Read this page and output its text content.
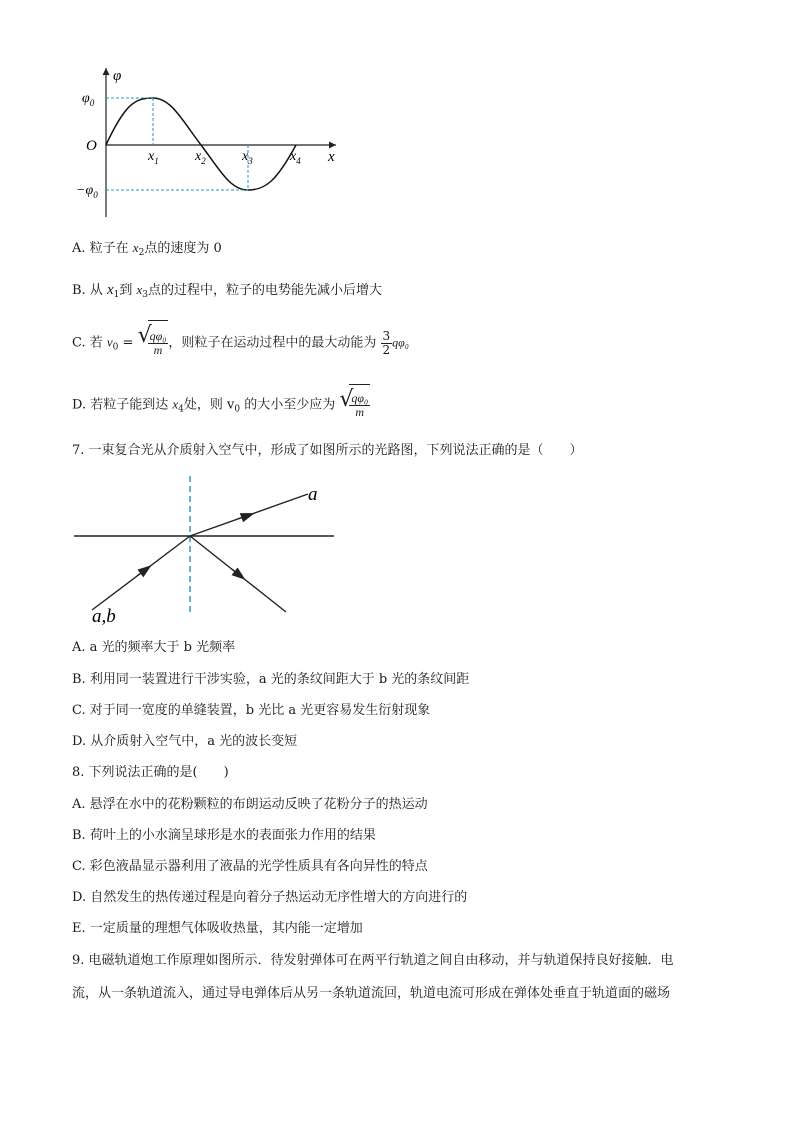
φ
x
O
$\varphi_0$
$-\varphi_0$
$x_1$	$x_2$	$x_3$	$x_4$
A. 粒子在 $x_2$点的速度为 0
B. 从 $x_1$到 $x_3$点的过程中，粒子的电势能先减小后增大
C. 若 $v_0$ = √
$\frac{\text{qφ₀}}{m}$ ，则粒子在运动过程中的最大动能为 $\frac{3}{2} q\varphi_0$
D. 若粒子能到达 $x_4$处，则 $v_0$ 的大小至少应为 √
$\frac{\text{qφ₀}}{m}$
7. 一束复合光从介质射入空气中，形成了如图所示的光路图，下列说法正确的是（　　）
a
a,b
A. a 光的频率大于 b 光频率
B. 利用同一装置进行干涉实验，a 光的条纹间距大于 b 光的条纹间距
C. 对于同一宽度的单缝装置，b 光比 a 光更容易发生衍射现象
D. 从介质射入空气中，a 光的波长变短
8. 下列说法正确的是(　　)
A. 悬浮在水中的花粉颗粒的布朗运动反映了花粉分子的热运动
B. 荷叶上的小水滴呈球形是水的表面张力作用的结果
C. 彩色液晶显示器利用了液晶的光学性质具有各向异性的特点
D. 自然发生的热传递过程是向着分子热运动无序性增大的方向进行的
E. 一定质量的理想气体吸收热量，其内能一定增加
9. 电磁轨道炮工作原理如图所示．待发射弹体可在两平行轨道之间自由移动，并与轨道保持良好接触．电
流，从一条轨道流入，通过导电弹体后从另一条轨道流回，轨道电流可形成在弹体处垂直于轨道面的磁场
